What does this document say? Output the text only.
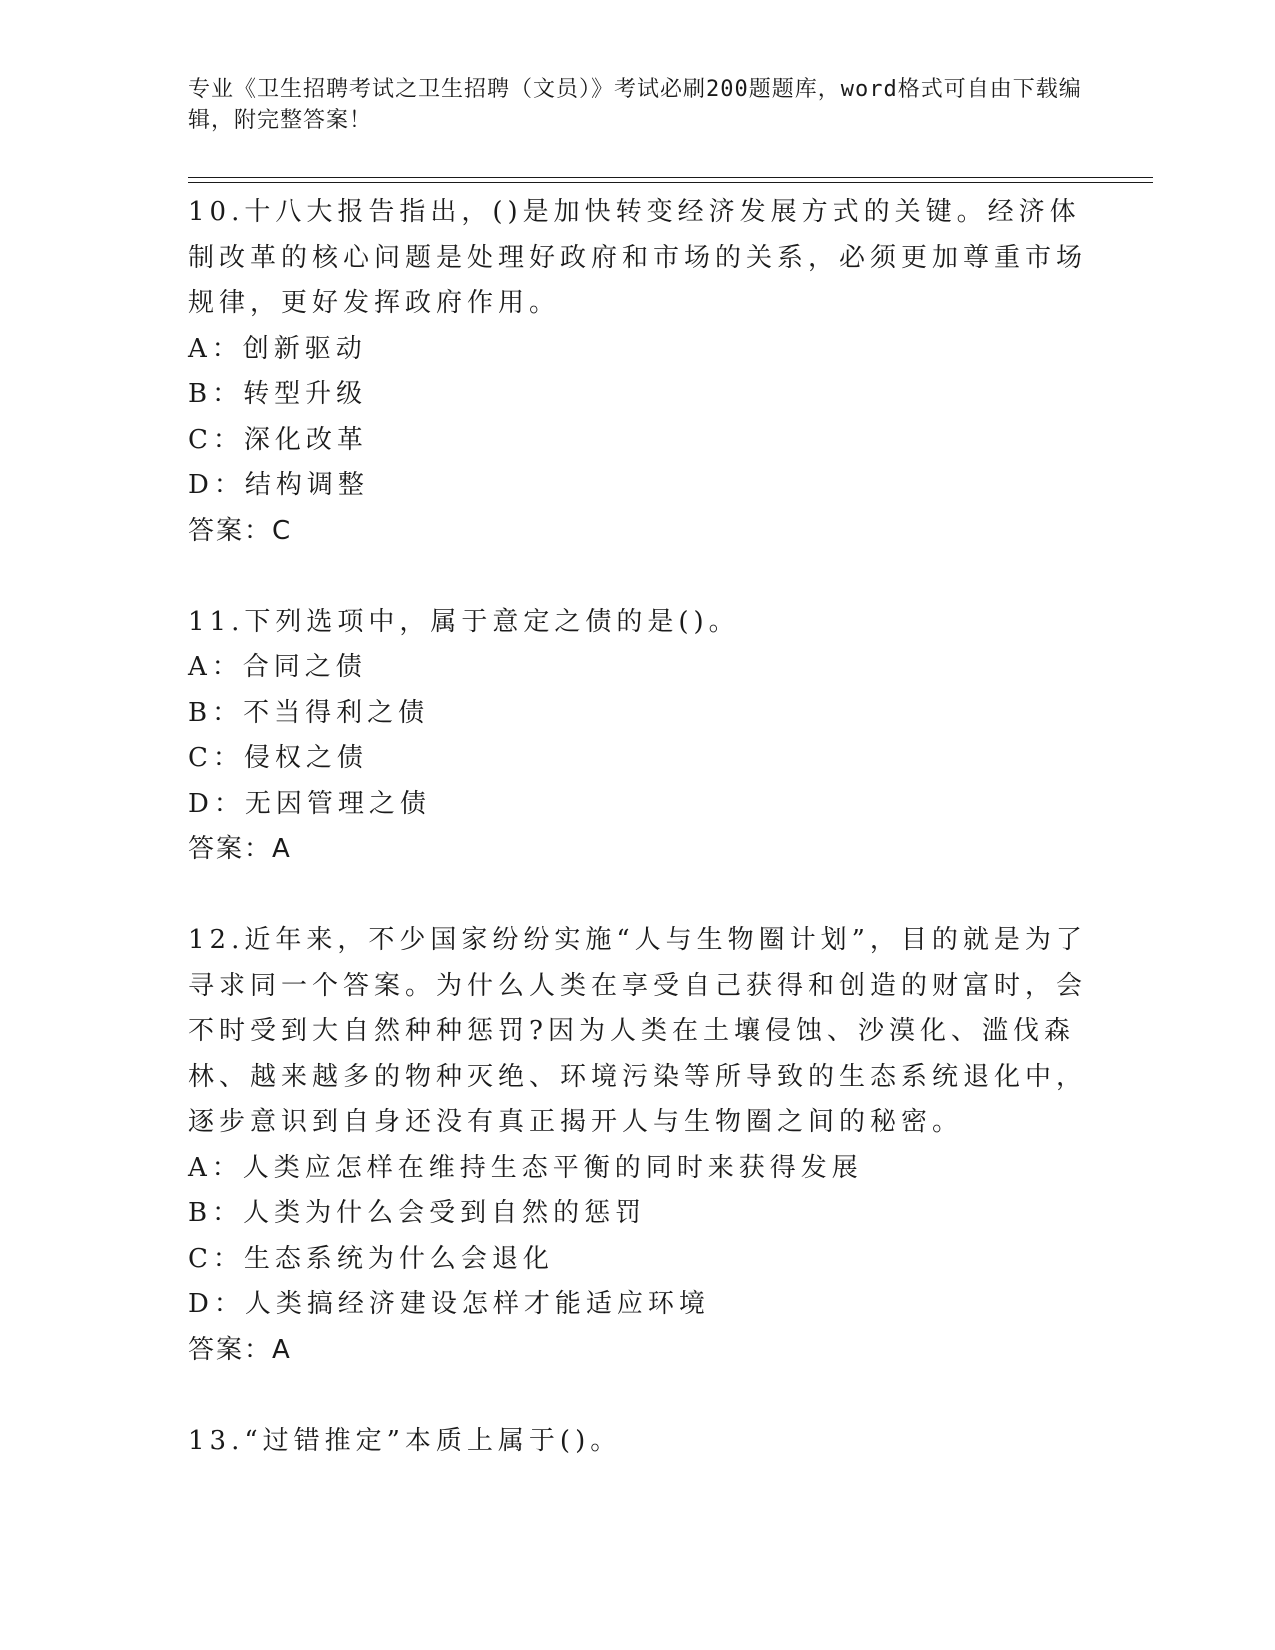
专业《卫生招聘考试之卫生招聘（文员）》考试必刷200题题库，word格式可自由下载编辑，附完整答案！

10.十八大报告指出，()是加快转变经济发展方式的关键。经济体制改革的核心问题是处理好政府和市场的关系，必须更加尊重市场规律，更好发挥政府作用。

A：创新驱动

B：转型升级

C：深化改革

D：结构调整

答案：C

11.下列选项中，属于意定之债的是()。

A：合同之债

B：不当得利之债

C：侵权之债

D：无因管理之债

答案：A

12.近年来，不少国家纷纷实施“人与生物圈计划”，目的就是为了寻求同一个答案。为什么人类在享受自己获得和创造的财富时，会不时受到大自然种种惩罚?因为人类在土壤侵蚀、沙漠化、滥伐森林、越来越多的物种灭绝、环境污染等所导致的生态系统退化中，逐步意识到自身还没有真正揭开人与生物圈之间的秘密。

A：人类应怎样在维持生态平衡的同时来获得发展

B：人类为什么会受到自然的惩罚

C：生态系统为什么会退化

D：人类搞经济建设怎样才能适应环境

答案：A

13.“过错推定”本质上属于()。
